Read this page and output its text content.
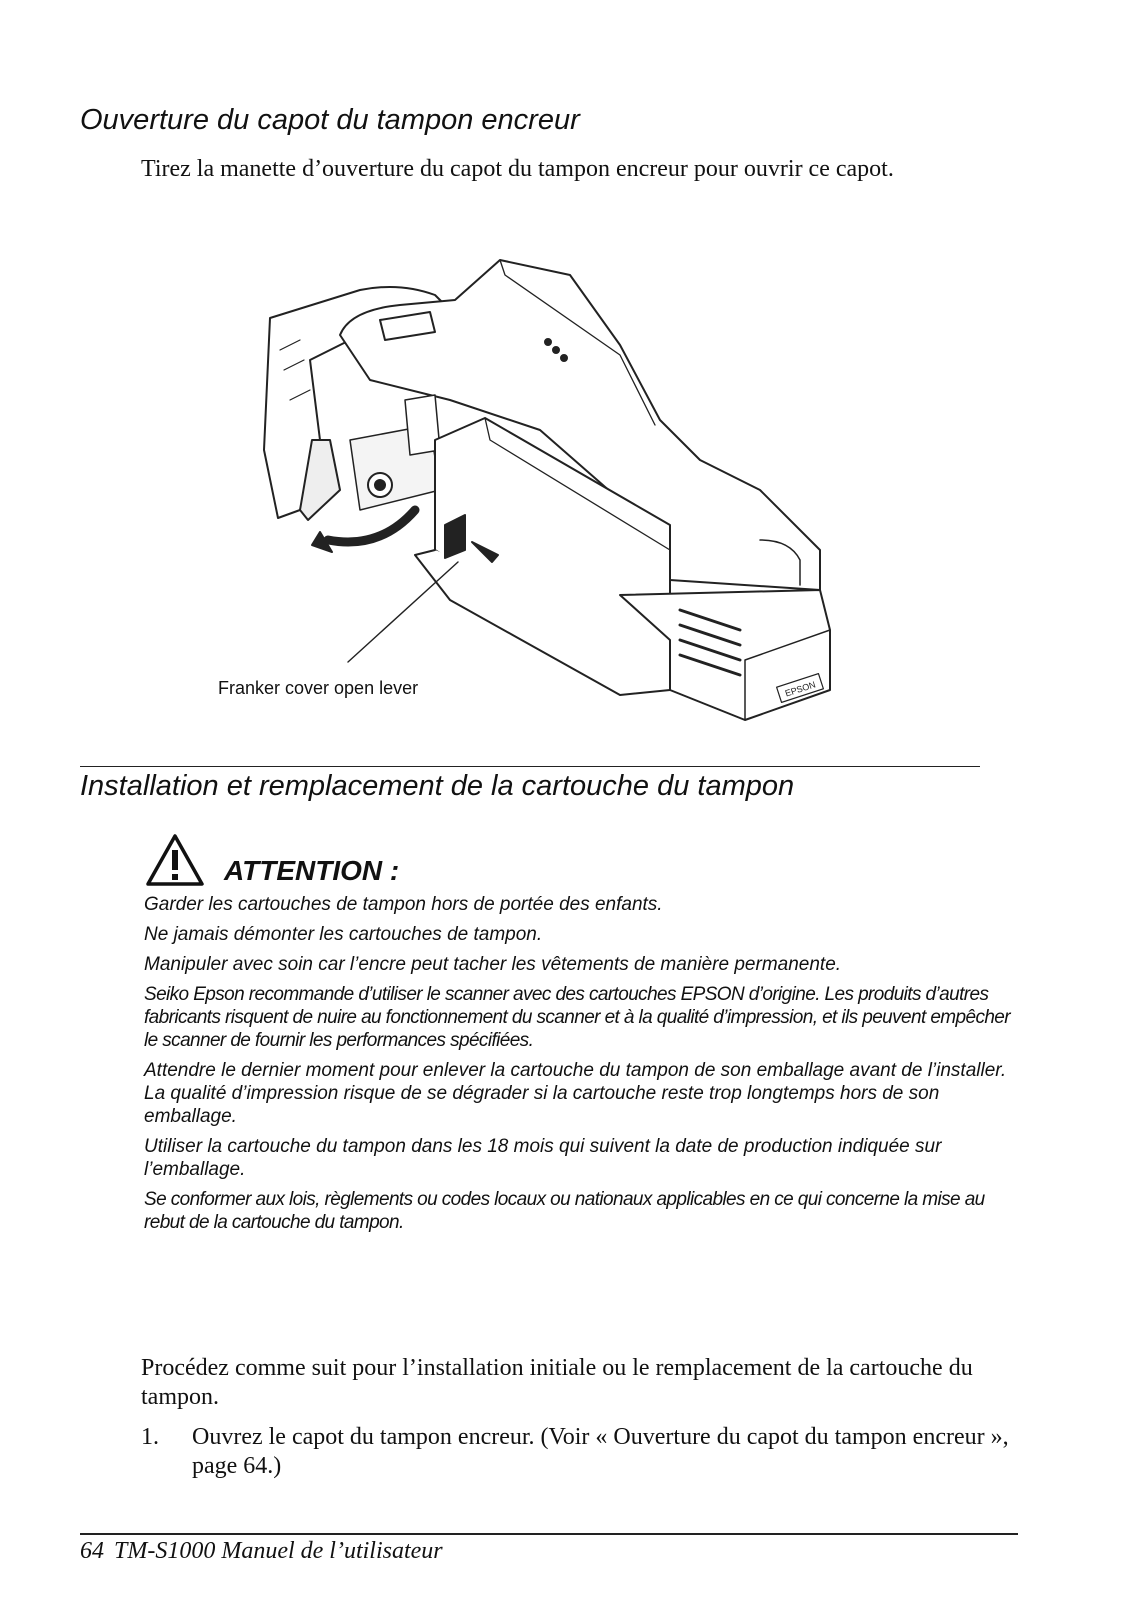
Ouverture du capot du tampon encreur

Tirez la manette d’ouverture du capot du tampon encreur pour ouvrir ce capot.

EPSON
Franker cover open lever
Installation et remplacement de la cartouche du tampon
ATTENTION :
Garder les cartouches de tampon hors de portée des enfants.
Ne jamais démonter les cartouches de tampon.
Manipuler avec soin car l’encre peut tacher les vêtements de manière permanente.
Seiko Epson recommande d’utiliser le scanner avec des cartouches EPSON d’origine. Les produits d’autres fabricants risquent de nuire au fonctionnement du scanner et à la qualité d’impression, et ils peuvent empêcher le scanner de fournir les performances spécifiées.
Attendre le dernier moment pour enlever la cartouche du tampon de son emballage avant de l’installer. La qualité d’impression risque de se dégrader si la cartouche reste trop longtemps hors de son emballage.
Utiliser la cartouche du tampon dans les 18 mois qui suivent la date de production indiquée sur l’emballage.
Se conformer aux lois, règlements ou codes locaux ou nationaux applicables en ce qui concerne la mise au rebut de la cartouche du tampon.

Procédez comme suit pour l’installation initiale ou le remplacement de la cartouche du tampon.

1. Ouvrez le capot du tampon encreur. (Voir « Ouverture du capot du tampon encreur », page 64.)
64 TM-S1000 Manuel de l’utilisateur
